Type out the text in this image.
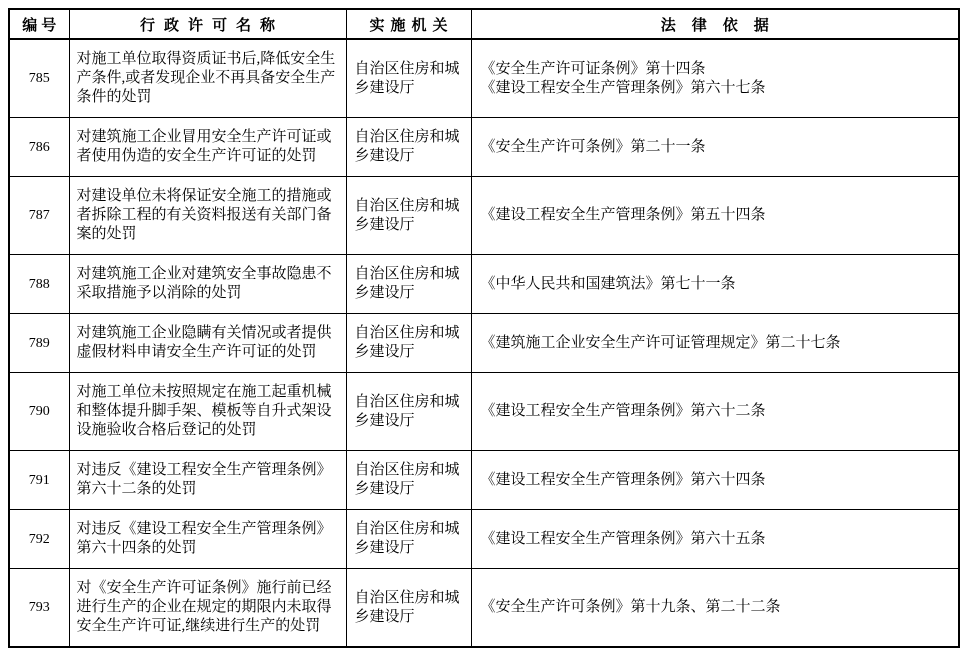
编号	行政许可名称	实施机关	法律依据
785	对施工单位取得资质证书后,降低安全生产条件,或者发现企业不再具备安全生产条件的处罚	自治区住房和城乡建设厅	《安全生产许可证条例》第十四条
《建设工程安全生产管理条例》第六十七条

786	对建筑施工企业冒用安全生产许可证或者使用伪造的安全生产许可证的处罚	自治区住房和城乡建设厅	《安全生产许可条例》第二十一条

787	对建设单位未将保证安全施工的措施或者拆除工程的有关资料报送有关部门备案的处罚	自治区住房和城乡建设厅	《建设工程安全生产管理条例》第五十四条

788	对建筑施工企业对建筑安全事故隐患不采取措施予以消除的处罚	自治区住房和城乡建设厅	《中华人民共和国建筑法》第七十一条

789	对建筑施工企业隐瞒有关情况或者提供虚假材料申请安全生产许可证的处罚	自治区住房和城乡建设厅	《建筑施工企业安全生产许可证管理规定》第二十七条

790	对施工单位未按照规定在施工起重机械和整体提升脚手架、模板等自升式架设设施验收合格后登记的处罚	自治区住房和城乡建设厅	《建设工程安全生产管理条例》第六十二条

791	对违反《建设工程安全生产管理条例》第六十二条的处罚	自治区住房和城乡建设厅	《建设工程安全生产管理条例》第六十四条

792	对违反《建设工程安全生产管理条例》第六十四条的处罚	自治区住房和城乡建设厅	《建设工程安全生产管理条例》第六十五条

793	对《安全生产许可证条例》施行前已经进行生产的企业在规定的期限内未取得安全生产许可证,继续进行生产的处罚	自治区住房和城乡建设厅	《安全生产许可条例》第十九条、第二十二条
